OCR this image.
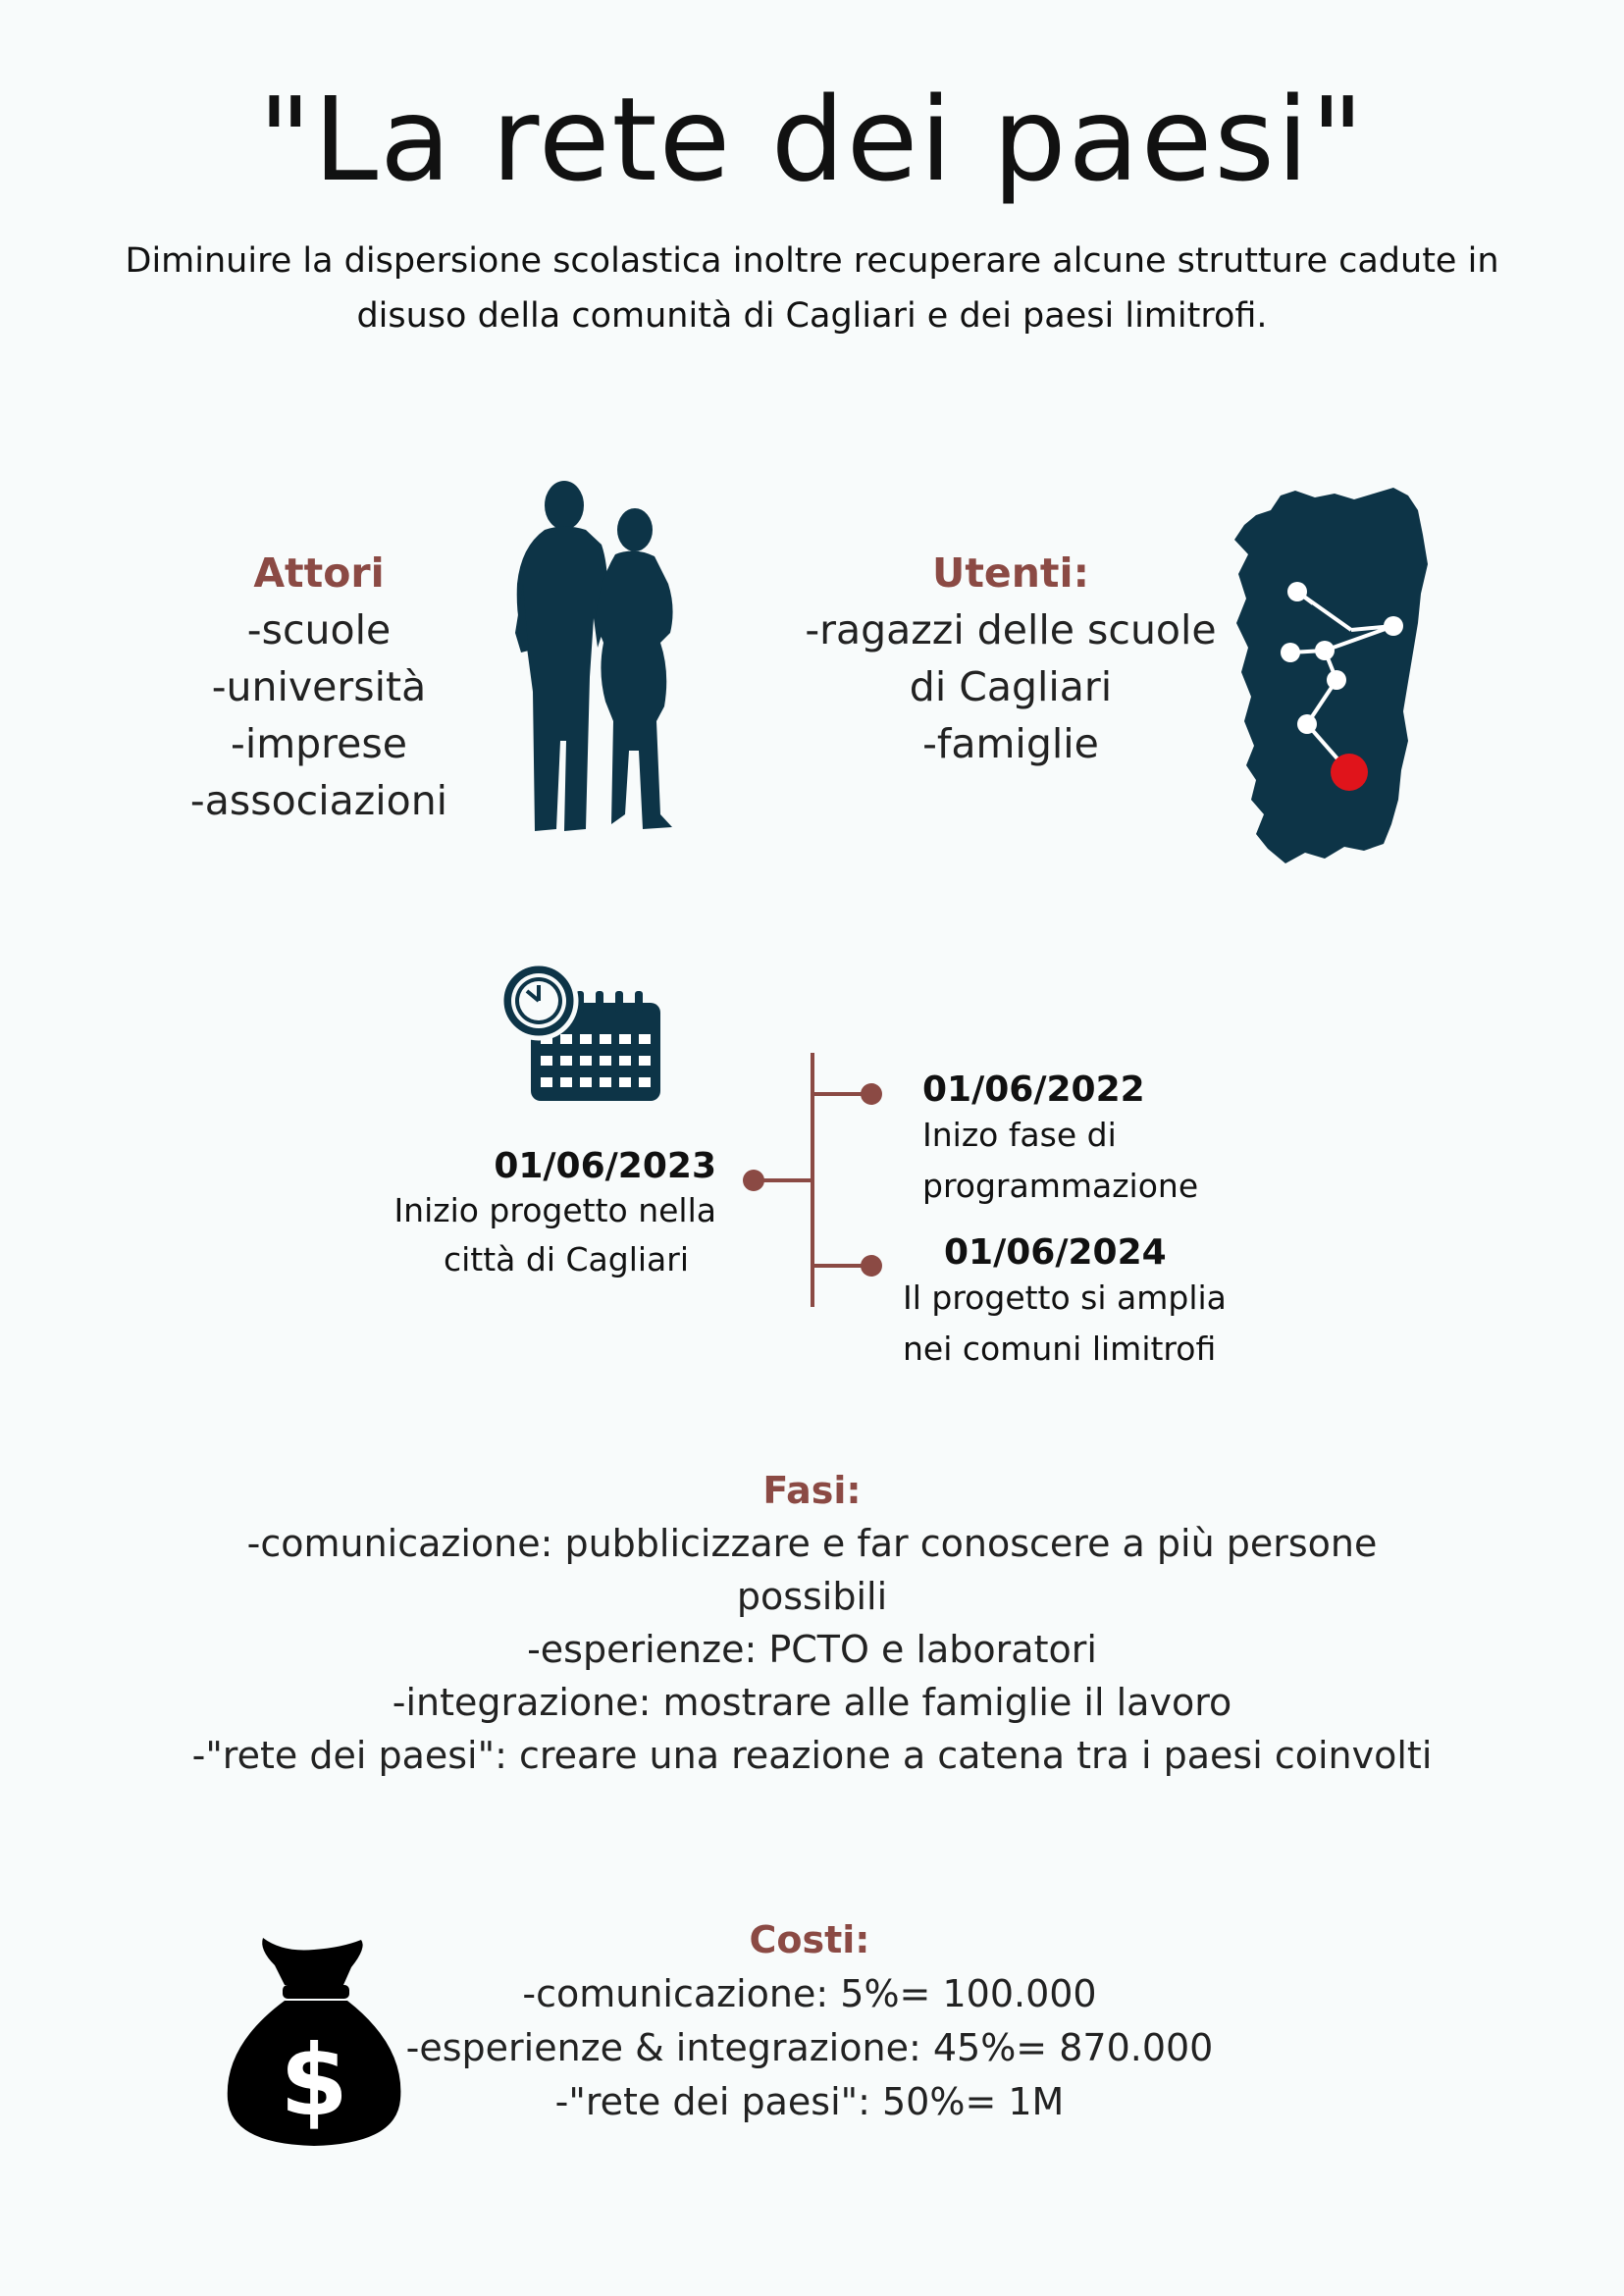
"La rete dei paesi"

Diminuire la dispersione scolastica inoltre recuperare alcune strutture cadute in disuso della comunità di Cagliari e dei paesi limitrofi.

Attori
-scuole
-università
-imprese
-associazioni
Utenti:
-ragazzi delle scuole
di Cagliari
-famiglie
01/06/2022
Inizo fase di
programmazione
01/06/2023
Inizio progetto nella
città di Cagliari	01/06/2024
Il progetto si amplia
nei comuni limitrofi
Fasi:
-comunicazione: pubblicizzare e far conoscere a più persone
possibili
-esperienze: PCTO e laboratori
-integrazione: mostrare alle famiglie il lavoro
-"rete dei paesi": creare una reazione a catena tra i paesi coinvolti
$
Costi:
-comunicazione: 5%= 100.000
-esperienze & integrazione: 45%= 870.000
-"rete dei paesi": 50%= 1M
